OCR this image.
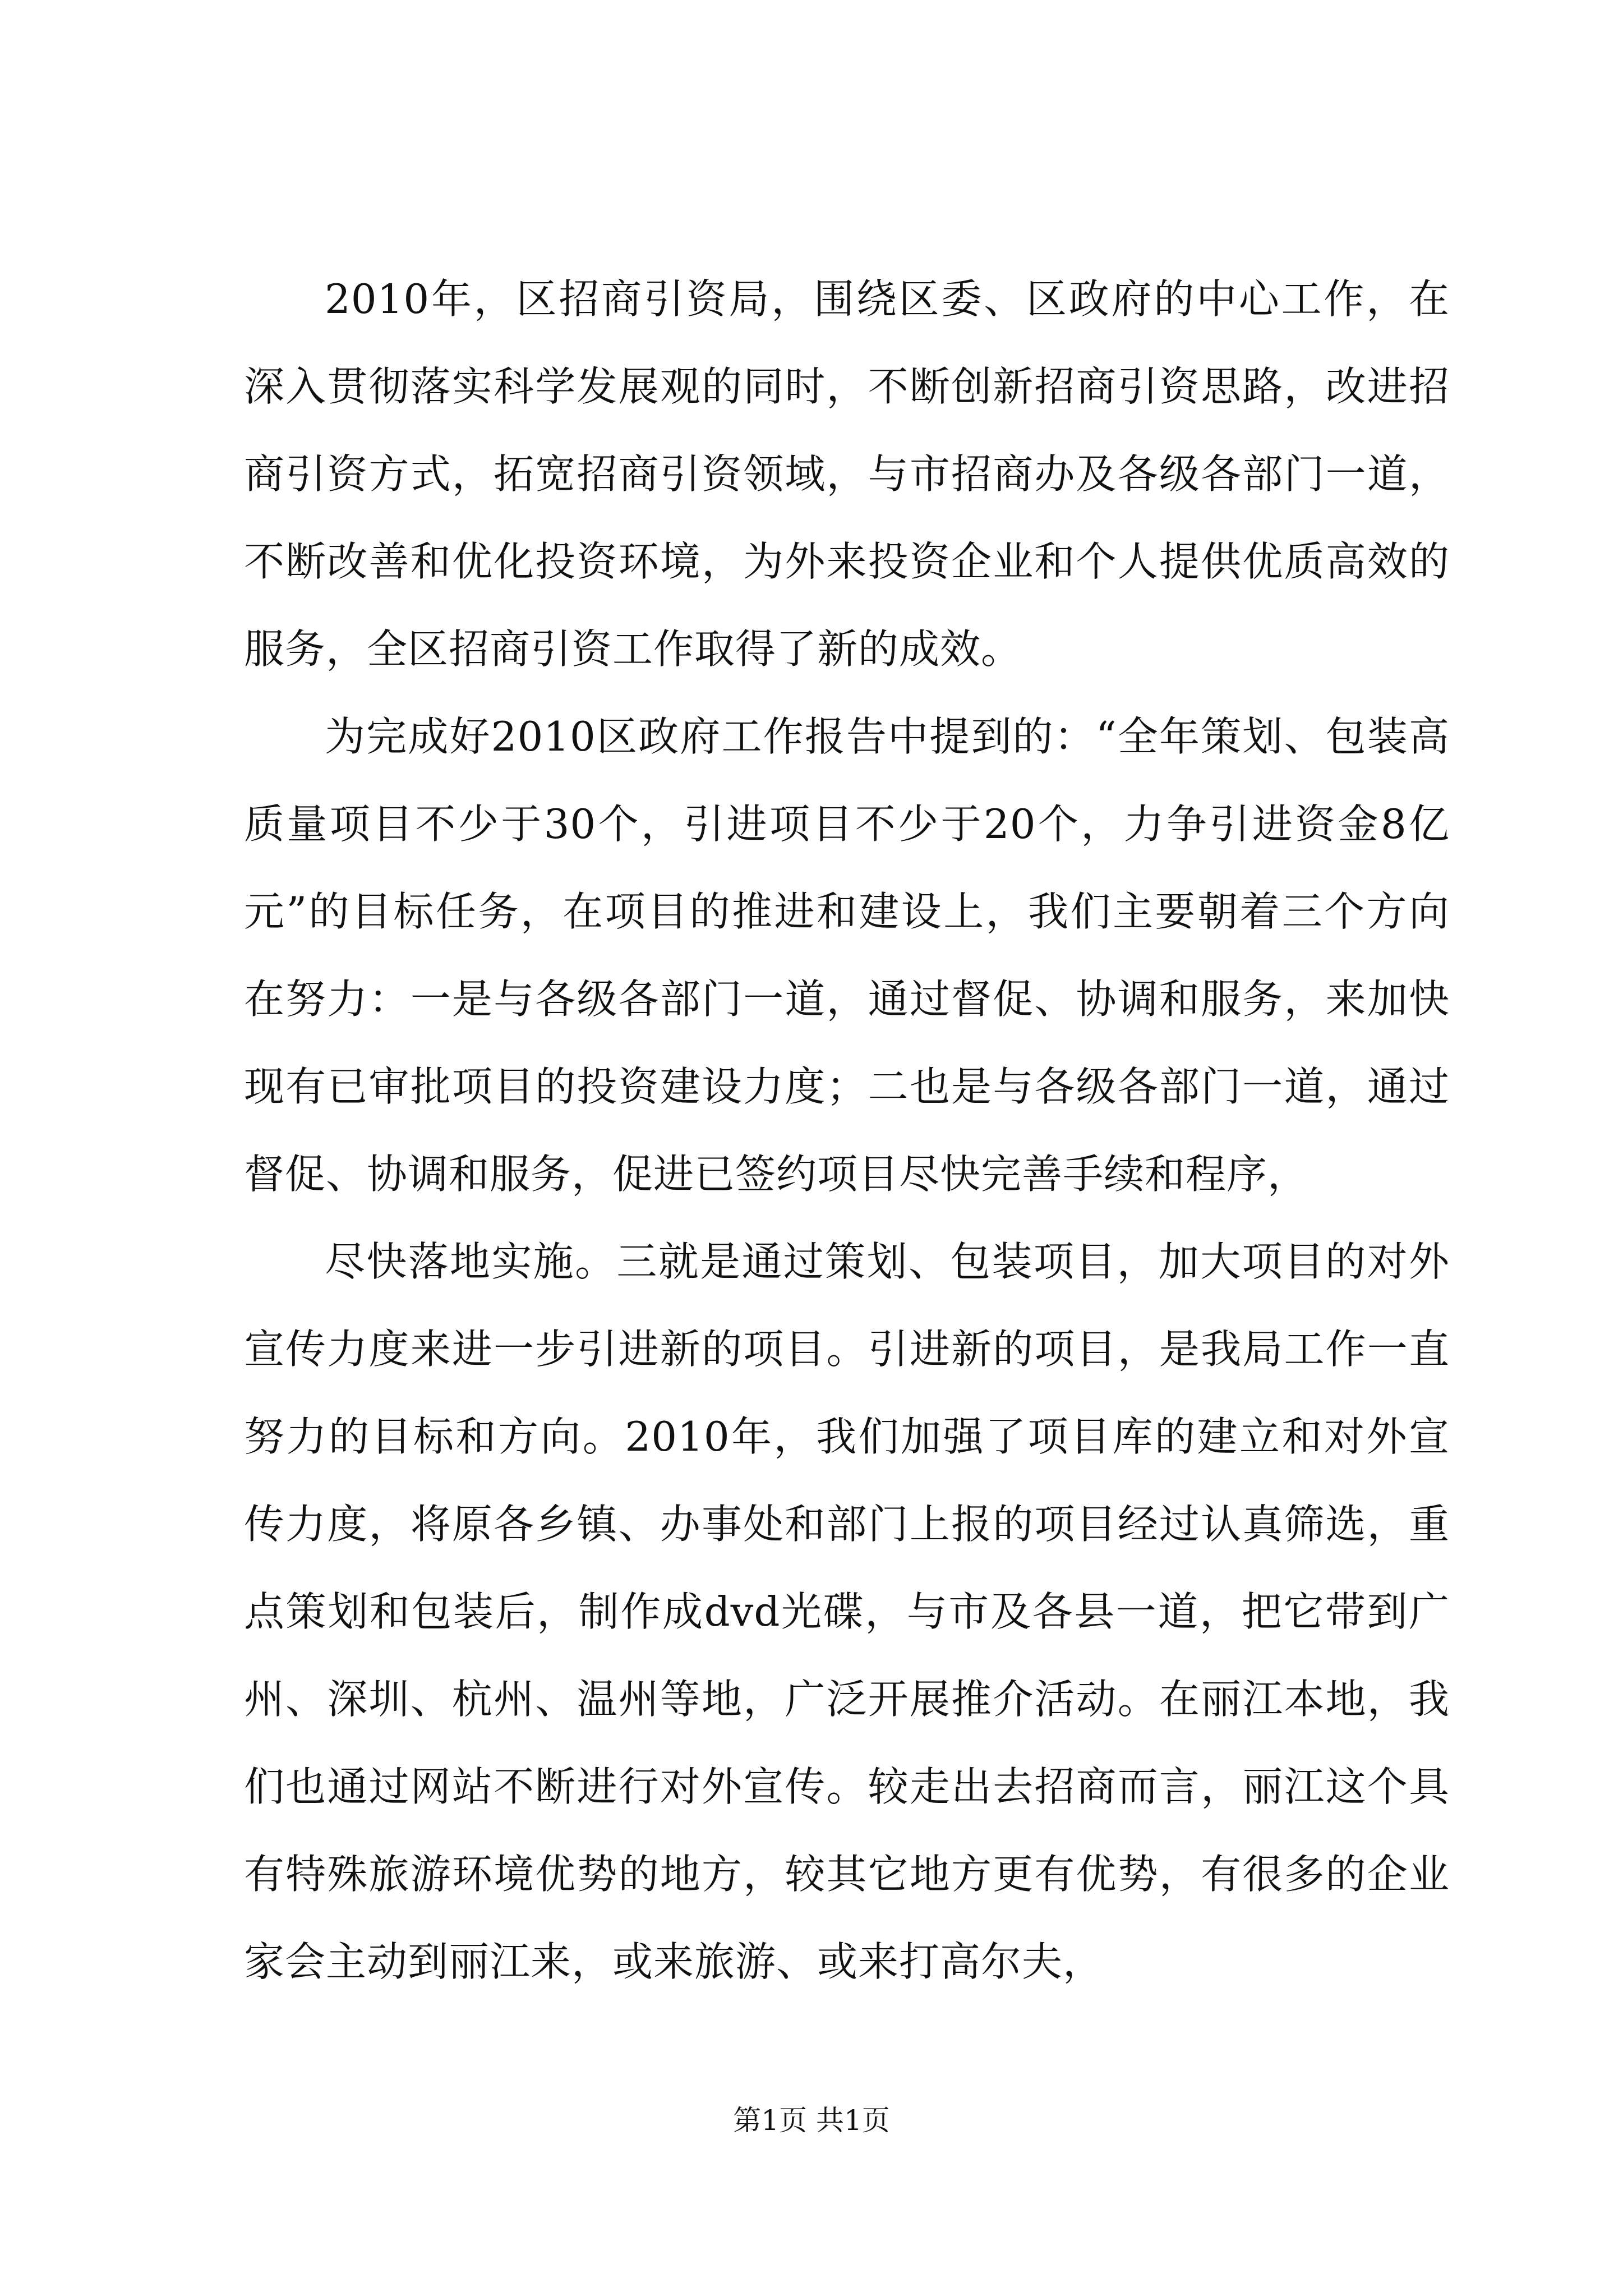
2010年，区招商引资局，围绕区委、区政府的中心工作，在深入贯彻落实科学发展观的同时，不断创新招商引资思路，改进招商引资方式，拓宽招商引资领域，与市招商办及各级各部门一道，不断改善和优化投资环境，为外来投资企业和个人提供优质高效的服务，全区招商引资工作取得了新的成效。

为完成好2010区政府工作报告中提到的：“全年策划、包装高质量项目不少于30个，引进项目不少于20个，力争引进资金8亿元”的目标任务，在项目的推进和建设上，我们主要朝着三个方向在努力：一是与各级各部门一道，通过督促、协调和服务，来加快现有已审批项目的投资建设力度；二也是与各级各部门一道，通过督促、协调和服务，促进已签约项目尽快完善手续和程序，

尽快落地实施。三就是通过策划、包装项目，加大项目的对外宣传力度来进一步引进新的项目。引进新的项目，是我局工作一直努力的目标和方向。2010年，我们加强了项目库的建立和对外宣传力度，将原各乡镇、办事处和部门上报的项目经过认真筛选，重点策划和包装后，制作成dvd光碟，与市及各县一道，把它带到广州、深圳、杭州、温州等地，广泛开展推介活动。在丽江本地，我们也通过网站不断进行对外宣传。较走出去招商而言，丽江这个具有特殊旅游环境优势的地方，较其它地方更有优势，有很多的企业家会主动到丽江来，或来旅游、或来打高尔夫，

第1页 共1页
